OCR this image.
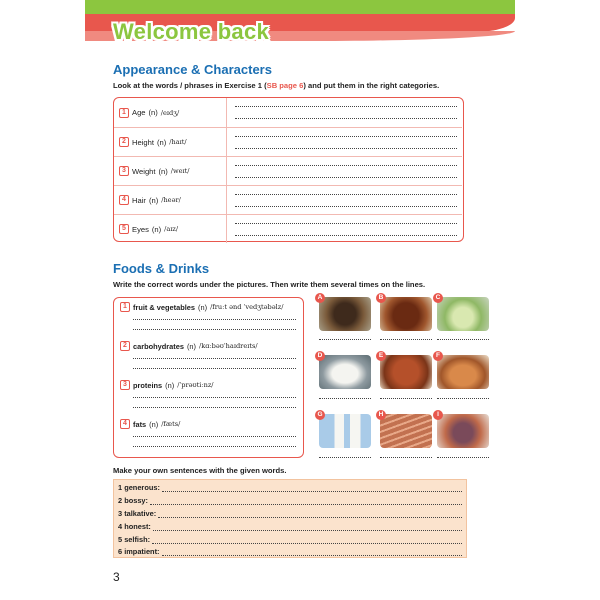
Welcome back
Appearance & Characters
Look at the words / phrases in Exercise 1 (SB page 6) and put them in the right categories.
1 Age (n) /eɪdʒ/
2 Height (n) /haɪt/
3 Weight (n) /weɪt/
4 Hair (n) /heər/
5 Eyes (n) /aɪz/
Foods & Drinks
Write the correct words under the pictures. Then write them several times on the lines.
1 fruit & vegetables (n) /fruːt ənd ˈvedʒtəbəlz/
2 carbohydrates (n) /kɑːbəʊˈhaɪdreɪts/
3 proteins (n) /ˈprəʊtiːnz/
4 fats (n) /fæts/
A	B	C
D	E	F
G	H	I
Make your own sentences with the given words.
1
generous:
2
bossy:
3
talkative:
4
honest:
5
selfish:
6
impatient:
3
